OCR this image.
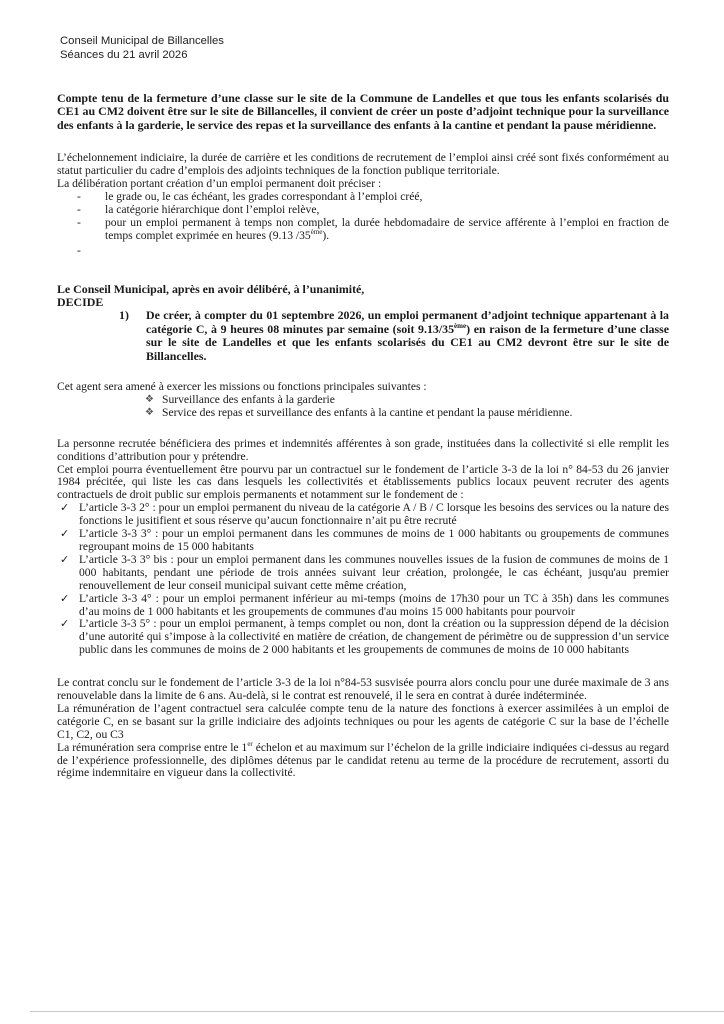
Conseil Municipal de Billancelles
Séances du 21 avril 2026

Compte tenu de la fermeture d’une classe sur le site de la Commune de Landelles et que tous les enfants scolarisés du CE1 au CM2 doivent être sur le site de Billancelles, il convient de créer un poste d’adjoint technique pour la surveillance des enfants à la garderie, le service des repas et la surveillance des enfants à la cantine et pendant la pause méridienne.

L’échelonnement indiciaire, la durée de carrière et les conditions de recrutement de l’emploi ainsi créé sont fixés conformément au statut particulier du cadre d’emplois des adjoints techniques de la fonction publique territoriale.

La délibération portant création d’un emploi permanent doit préciser :

- le grade ou, le cas échéant, les grades correspondant à l’emploi créé,
- la catégorie hiérarchique dont l’emploi relève,
- pour un emploi permanent à temps non complet, la durée hebdomadaire de service afférente à l’emploi en fraction de temps complet exprimée en heures (9.13 /35ème).
-
Le Conseil Municipal, après en avoir délibéré, à l’unanimité,
DECIDE
1) De créer, à compter du 01 septembre 2026, un emploi permanent d’adjoint technique appartenant à la catégorie C, à 9 heures 08 minutes par semaine (soit 9.13/35ème) en raison de la fermeture d’une classe sur le site de Landelles et que les enfants scolarisés du CE1 au CM2 devront être sur le site de Billancelles.

Cet agent sera amené à exercer les missions ou fonctions principales suivantes :

❖ Surveillance des enfants à la garderie
❖ Service des repas et surveillance des enfants à la cantine et pendant la pause méridienne.

La personne recrutée bénéficiera des primes et indemnités afférentes à son grade, instituées dans la collectivité si elle remplit les conditions d’attribution pour y prétendre.

Cet emploi pourra éventuellement être pourvu par un contractuel sur le fondement de l’article 3-3 de la loi n° 84-53 du 26 janvier 1984 précitée, qui liste les cas dans lesquels les collectivités et établissements publics locaux peuvent recruter des agents contractuels de droit public sur emplois permanents et notamment sur le fondement de :

✓ L’article 3-3 2° : pour un emploi permanent du niveau de la catégorie A / B / C lorsque les besoins des services ou la nature des fonctions le jusitifient et sous réserve qu’aucun fonctionnaire n’ait pu être recruté
✓ L’article 3-3 3° : pour un emploi permanent dans les communes de moins de 1 000 habitants ou groupements de communes regroupant moins de 15 000 habitants
✓ L’article 3-3 3° bis : pour un emploi permanent dans les communes nouvelles issues de la fusion de communes de moins de 1 000 habitants, pendant une période de trois années suivant leur création, prolongée, le cas échéant, jusqu'au premier renouvellement de leur conseil municipal suivant cette même création,
✓ L’article 3-3 4° : pour un emploi permanent inférieur au mi-temps (moins de 17h30 pour un TC à 35h) dans les communes d’au moins de 1 000 habitants et les groupements de communes d'au moins 15 000 habitants pour pourvoir
✓ L’article 3-3 5° : pour un emploi permanent, à temps complet ou non, dont la création ou la suppression dépend de la décision d’une autorité qui s’impose à la collectivité en matière de création, de changement de périmètre ou de suppression d’un service public dans les communes de moins de 2 000 habitants et les groupements de communes de moins de 10 000 habitants

Le contrat conclu sur le fondement de l’article 3-3 de la loi n°84-53 susvisée pourra alors conclu pour une durée maximale de 3 ans renouvelable dans la limite de 6 ans. Au-delà, si le contrat est renouvelé, il le sera en contrat à durée indéterminée.

La rémunération de l’agent contractuel sera calculée compte tenu de la nature des fonctions à exercer assimilées à un emploi de catégorie C, en se basant sur la grille indiciaire des adjoints techniques ou pour les agents de catégorie C sur la base de l’échelle C1, C2, ou C3

La rémunération sera comprise entre le 1er échelon et au maximum sur l’échelon de la grille indiciaire indiquées ci-dessus au regard de l’expérience professionnelle, des diplômes détenus par le candidat retenu au terme de la procédure de recrutement, assorti du régime indemnitaire en vigueur dans la collectivité.
